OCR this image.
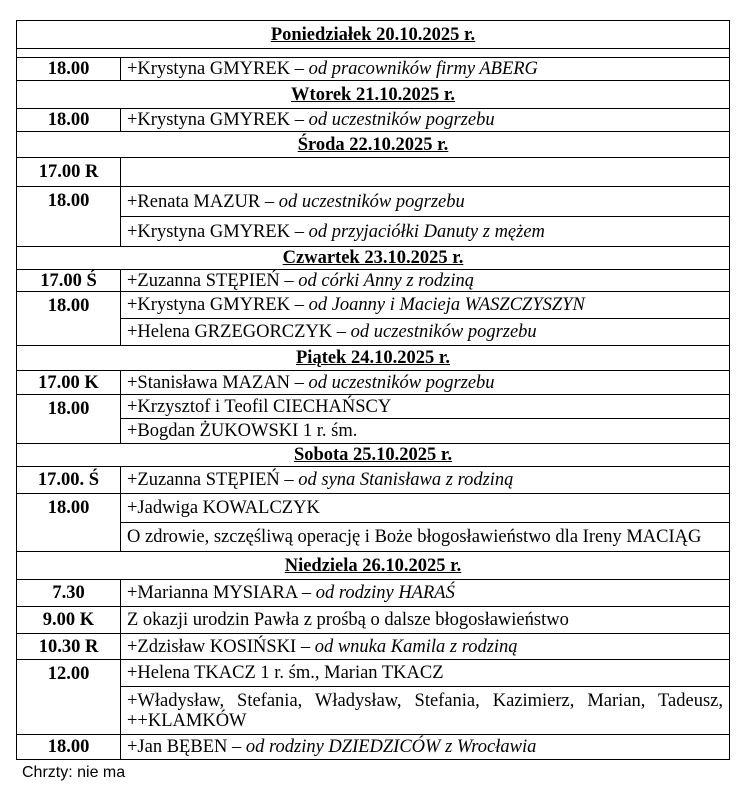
Poniedziałek 20.10.2025 r.	

18.00	+Krystyna GMYREK – od pracowników firmy ABERG
Wtorek 21.10.2025 r.	
18.00	+Krystyna GMYREK – od uczestników pogrzebu
Środa 22.10.2025 r.	
17.00 R	
18.00	+Renata MAZUR – od uczestników pogrzebu
	+Krystyna GMYREK – od przyjaciółki Danuty z mężem
Czwartek 23.10.2025 r.	
17.00 Ś	+Zuzanna STĘPIEŃ – od córki Anny z rodziną
18.00	+Krystyna GMYREK – od Joanny i Macieja WASZCZYSZYN
	+Helena GRZEGORCZYK – od uczestników pogrzebu
Piątek 24.10.2025 r.	
17.00 K	+Stanisława MAZAN – od uczestników pogrzebu
18.00	+Krzysztof i Teofil CIECHAŃSCY
	+Bogdan ŻUKOWSKI 1 r. śm.
Sobota 25.10.2025 r.	
17.00. Ś	+Zuzanna STĘPIEŃ – od syna Stanisława z rodziną
18.00	+Jadwiga KOWALCZYK
	O zdrowie, szczęśliwą operację i Boże błogosławieństwo dla Ireny MACIĄG
Niedziela 26.10.2025 r.	
7.30	+Marianna MYSIARA – od rodziny HARAŚ
9.00 K	Z okazji urodzin Pawła z prośbą o dalsze błogosławieństwo
10.30 R	+Zdzisław KOSIŃSKI – od wnuka Kamila z rodziną
12.00	+Helena TKACZ 1 r. śm., Marian TKACZ

	+Władysław, Stefania, Władysław, Stefania, Kazimierz, Marian, Tadeusz,
++KLAMKÓW

18.00	+Jan BĘBEN – od rodziny DZIEDZICÓW z Wrocławia
Chrzty: nie ma
